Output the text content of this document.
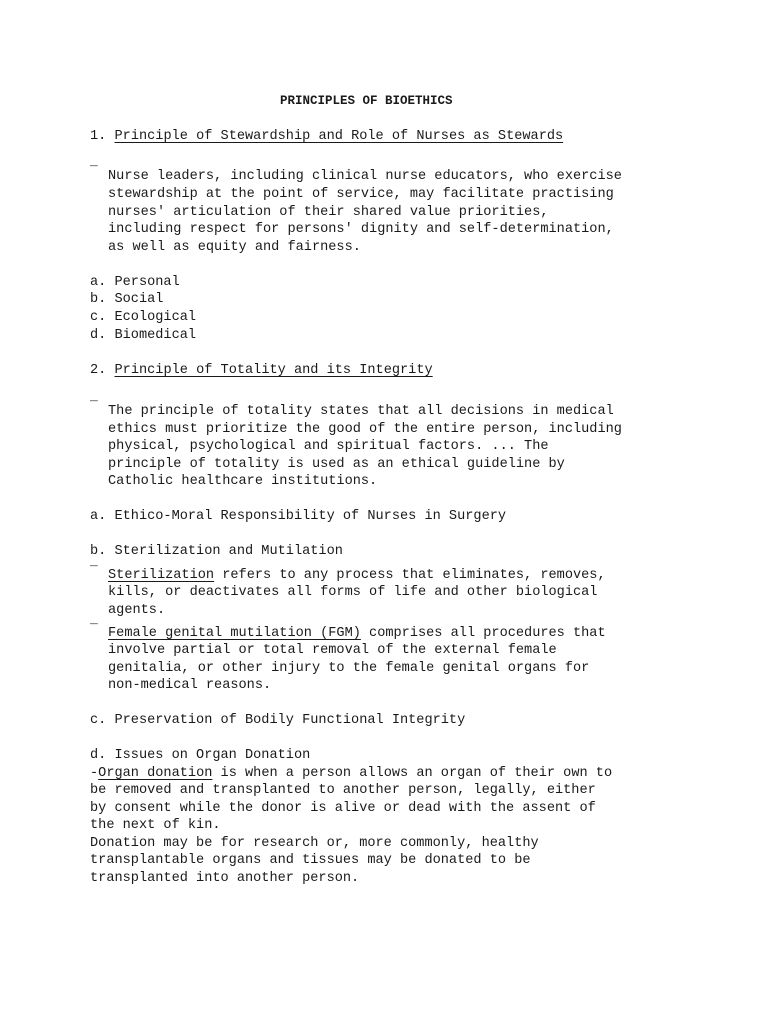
PRINCIPLES OF BIOETHICS
1. Principle of Stewardship and Role of Nurses as Stewards
¯ Nurse leaders, including clinical nurse educators, who exercise
stewardship at the point of service, may facilitate practising
nurses' articulation of their shared value priorities,
including respect for persons' dignity and self-determination,
as well as equity and fairness.
a. Personal
b. Social
c. Ecological
d. Biomedical
2. Principle of Totality and its Integrity
¯ The principle of totality states that all decisions in medical
ethics must prioritize the good of the entire person, including
physical, psychological and spiritual factors. ... The
principle of totality is used as an ethical guideline by
Catholic healthcare institutions.
a. Ethico-Moral Responsibility of Nurses in Surgery
b. Sterilization and Mutilation
¯ Sterilization refers to any process that eliminates, removes,
kills, or deactivates all forms of life and other biological
agents.
¯ Female genital mutilation (FGM) comprises all procedures that
involve partial or total removal of the external female
genitalia, or other injury to the female genital organs for
non-medical reasons.
c. Preservation of Bodily Functional Integrity
d. Issues on Organ Donation
-Organ donation is when a person allows an organ of their own to
be removed and transplanted to another person, legally, either
by consent while the donor is alive or dead with the assent of
the next of kin.
Donation may be for research or, more commonly, healthy
transplantable organs and tissues may be donated to be
transplanted into another person.
